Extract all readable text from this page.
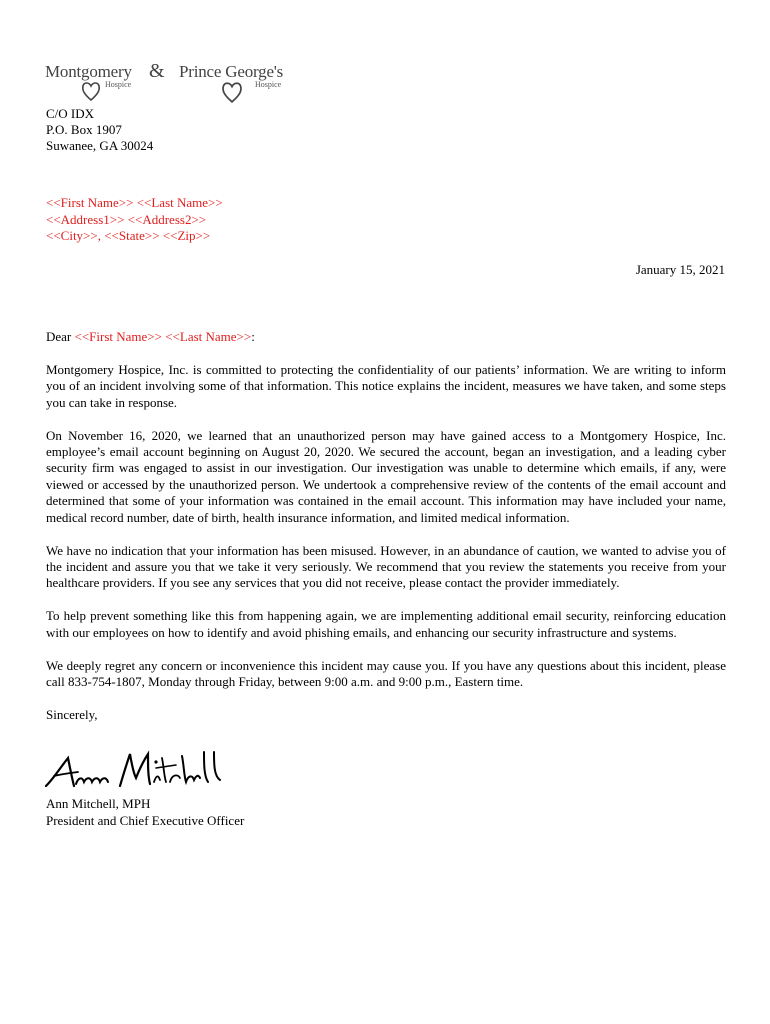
Montgomery
Hospice
& Prince George's
Hospice
C/O IDX
P.O. Box 1907
Suwanee, GA 30024
<<First Name>> <<Last Name>>
<<Address1>> <<Address2>>
<<City>>, <<State>> <<Zip>>
January 15, 2021

Dear <<First Name>> <<Last Name>>:

Montgomery Hospice, Inc. is committed to protecting the confidentiality of our patients’ information. We are writing to inform you of an incident involving some of that information. This notice explains the incident, measures we have taken, and some steps you can take in response.

On November 16, 2020, we learned that an unauthorized person may have gained access to a Montgomery Hospice, Inc. employee’s email account beginning on August 20, 2020. We secured the account, began an investigation, and a leading cyber security firm was engaged to assist in our investigation. Our investigation was unable to determine which emails, if any, were viewed or accessed by the unauthorized person. We undertook a comprehensive review of the contents of the email account and determined that some of your information was contained in the email account. This information may have included your name, medical record number, date of birth, health insurance information, and limited medical information.

We have no indication that your information has been misused. However, in an abundance of caution, we wanted to advise you of the incident and assure you that we take it very seriously. We recommend that you review the statements you receive from your healthcare providers. If you see any services that you did not receive, please contact the provider immediately.

To help prevent something like this from happening again, we are implementing additional email security, reinforcing education with our employees on how to identify and avoid phishing emails, and enhancing our security infrastructure and systems.

We deeply regret any concern or inconvenience this incident may cause you. If you have any questions about this incident, please call 833-754-1807, Monday through Friday, between 9:00 a.m. and 9:00 p.m., Eastern time.

Sincerely,

Ann Mitchell, MPH
President and Chief Executive Officer
